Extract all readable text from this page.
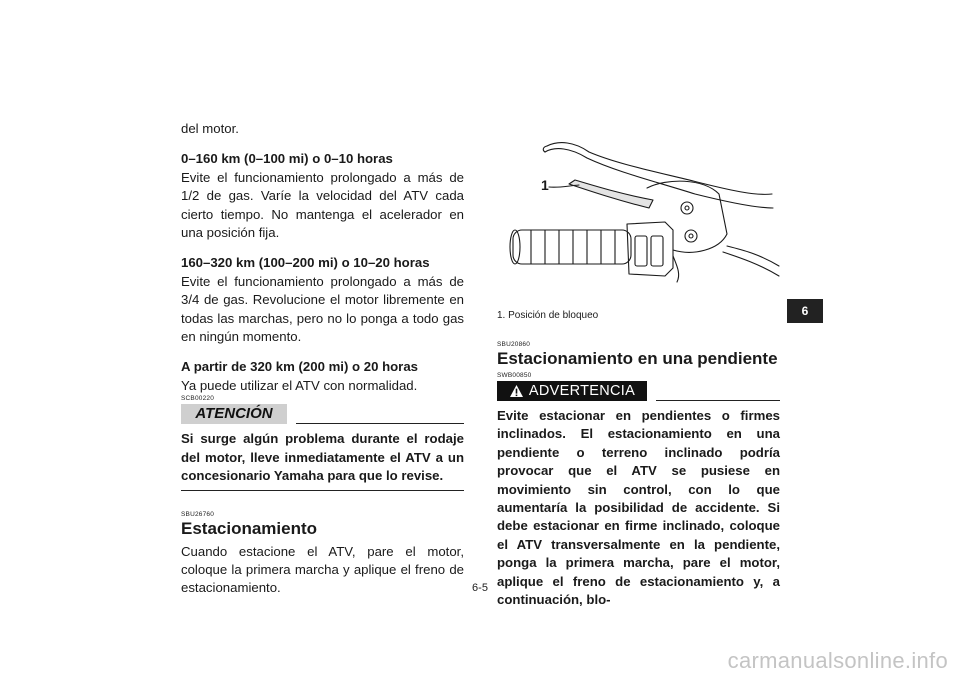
del motor.

0–160 km (0–100 mi) o 0–10 horas

Evite el funcionamiento prolongado a más de 1/2 de gas. Varíe la velocidad del ATV cada cierto tiempo. No mantenga el acelerador en una posición fija.

160–320 km (100–200 mi) o 10–20 horas

Evite el funcionamiento prolongado a más de 3/4 de gas. Revolucione el motor libremente en todas las marchas, pero no lo ponga a todo gas en ningún momento.

A partir de 320 km (200 mi) o 20 horas

Ya puede utilizar el ATV con normalidad.

SCB00220

ATENCIÓN

Si surge algún problema durante el rodaje del motor, lleve inmediatamente el ATV a un concesionario Yamaha para que lo revise.

SBU26760

Estacionamiento

Cuando estacione el ATV, pare el motor, coloque la primera marcha y aplique el freno de estacionamiento.

1

1. Posición de bloqueo

SBU20860

Estacionamiento en una pendiente

SWB00850

ADVERTENCIA

Evite estacionar en pendientes o firmes inclinados. El estacionamiento en una pendiente o terreno inclinado podría provocar que el ATV se pusiese en movimiento sin control, con lo que aumentaría la posibilidad de accidente. Si debe estacionar en firme inclinado, coloque el ATV transversalmente en la pendiente, ponga la primera marcha, pare el motor, aplique el freno de estacionamiento y, a continuación, blo-

6
6-5
carmanualsonline.info
